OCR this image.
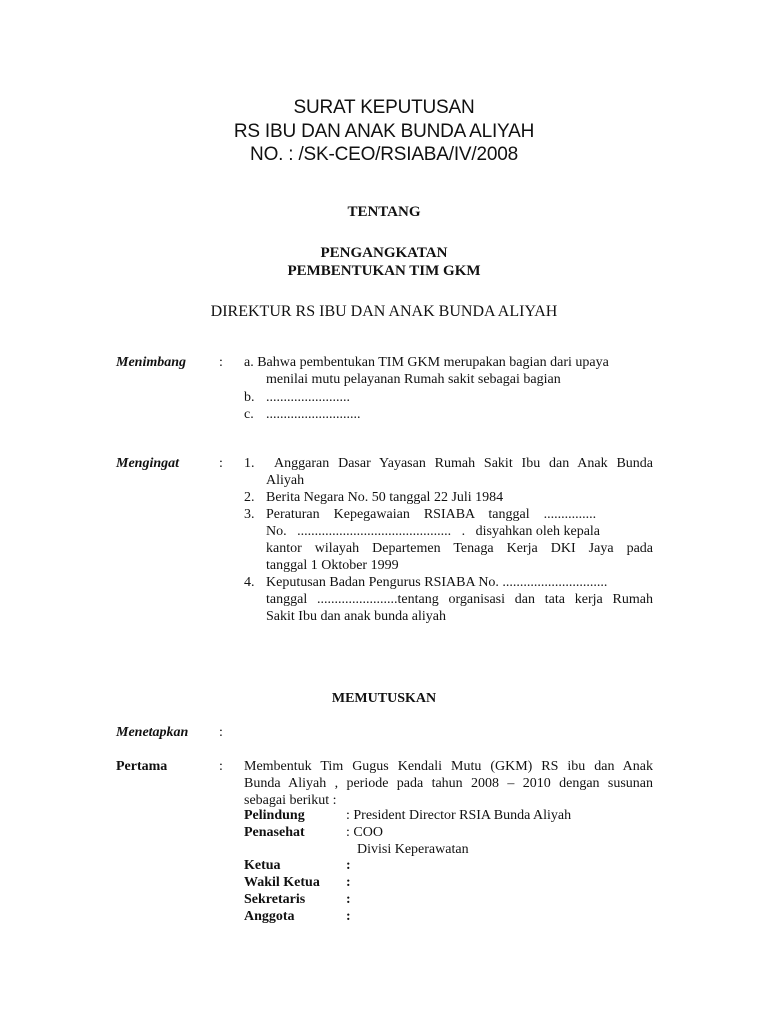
SURAT KEPUTUSAN
RS IBU DAN ANAK BUNDA ALIYAH
NO. : /SK-CEO/RSIABA/IV/2008
TENTANG
PENGANGKATAN
PEMBENTUKAN TIM GKM
DIREKTUR RS IBU DAN ANAK BUNDA ALIYAH
Menimbang : a. Bahwa pembentukan TIM GKM merupakan bagian dari upaya
menilai mutu pelayanan Rumah sakit sebagai bagian
b. ........................
c. ...........................
Mengingat	: 1. Anggaran Dasar Yayasan Rumah Sakit Ibu dan Anak Bunda
Aliyah
2. Berita Negara No. 50 tanggal 22 Juli 1984
3. Peraturan    Kepegawaian    RSIABA    tanggal    ...............
No.   ............................................   .   disyahkan oleh kepala
kantor wilayah Departemen Tenaga Kerja DKI Jaya pada
tanggal 1 Oktober 1999
4. Keputusan Badan Pengurus RSIABA No. ..............................
tanggal .......................tentang organisasi dan tata kerja Rumah
Sakit Ibu dan anak bunda aliyah
MEMUTUSKAN
Menetapkan :
Pertama	: Membentuk Tim Gugus Kendali Mutu (GKM) RS ibu dan Anak
Bunda Aliyah , periode pada tahun 2008 – 2010 dengan susunan
sebagai berikut :
Pelindung	: President Director RSIA Bunda Aliyah
Penasehat	: COO
Divisi Keperawatan
Ketua	:
Wakil Ketua :
Sekretaris	:
Anggota	:
